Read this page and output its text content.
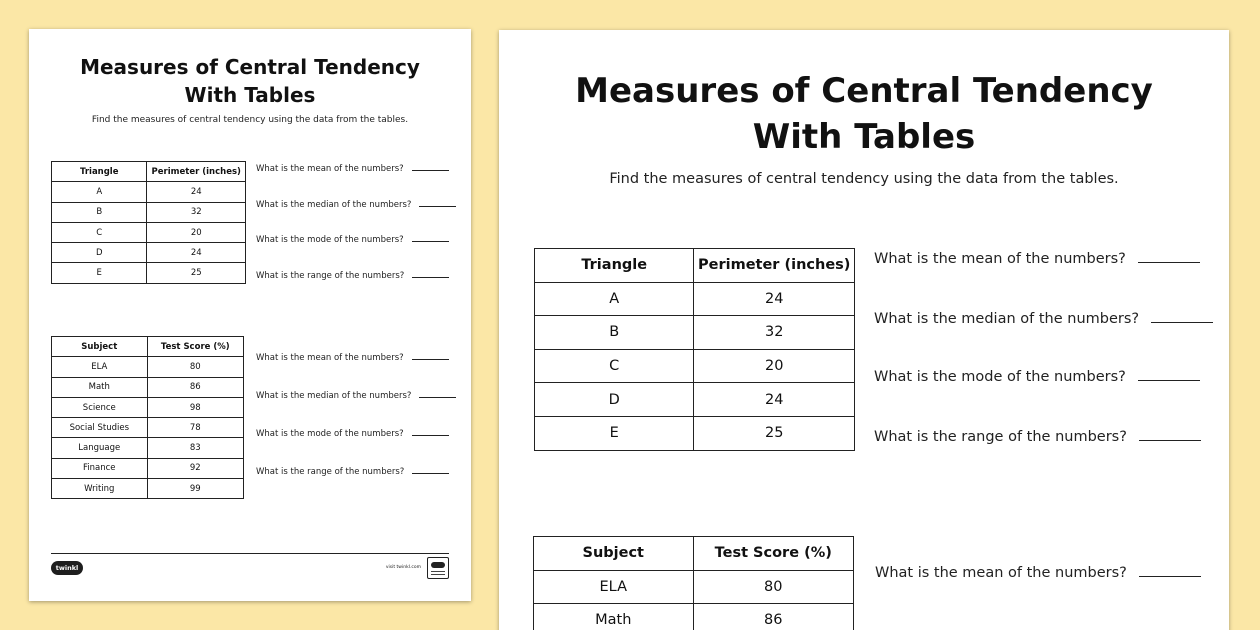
Measures of Central Tendency
With Tables
Find the measures of central tendency using the data from the tables.
Triangle	Perimeter (inches)
A	24
B	32
C	20
D	24
E	25
What is the mean of the numbers?
What is the median of the numbers?
What is the mode of the numbers?
What is the range of the numbers?
Subject	Test Score (%)
ELA	80
Math	86
Science	98
Social Studies	78
Language	83
Finance	92
Writing	99
What is the mean of the numbers?
What is the median of the numbers?
What is the mode of the numbers?
What is the range of the numbers?
twinkl	visit twinkl.com
Measures of Central Tendency
With Tables
Find the measures of central tendency using the data from the tables.
Triangle	Perimeter (inches)
A	24
B	32
C	20
D	24
E	25
What is the mean of the numbers?
What is the median of the numbers?
What is the mode of the numbers?
What is the range of the numbers?
Subject	Test Score (%)
ELA	80
Math	86
What is the mean of the numbers?
